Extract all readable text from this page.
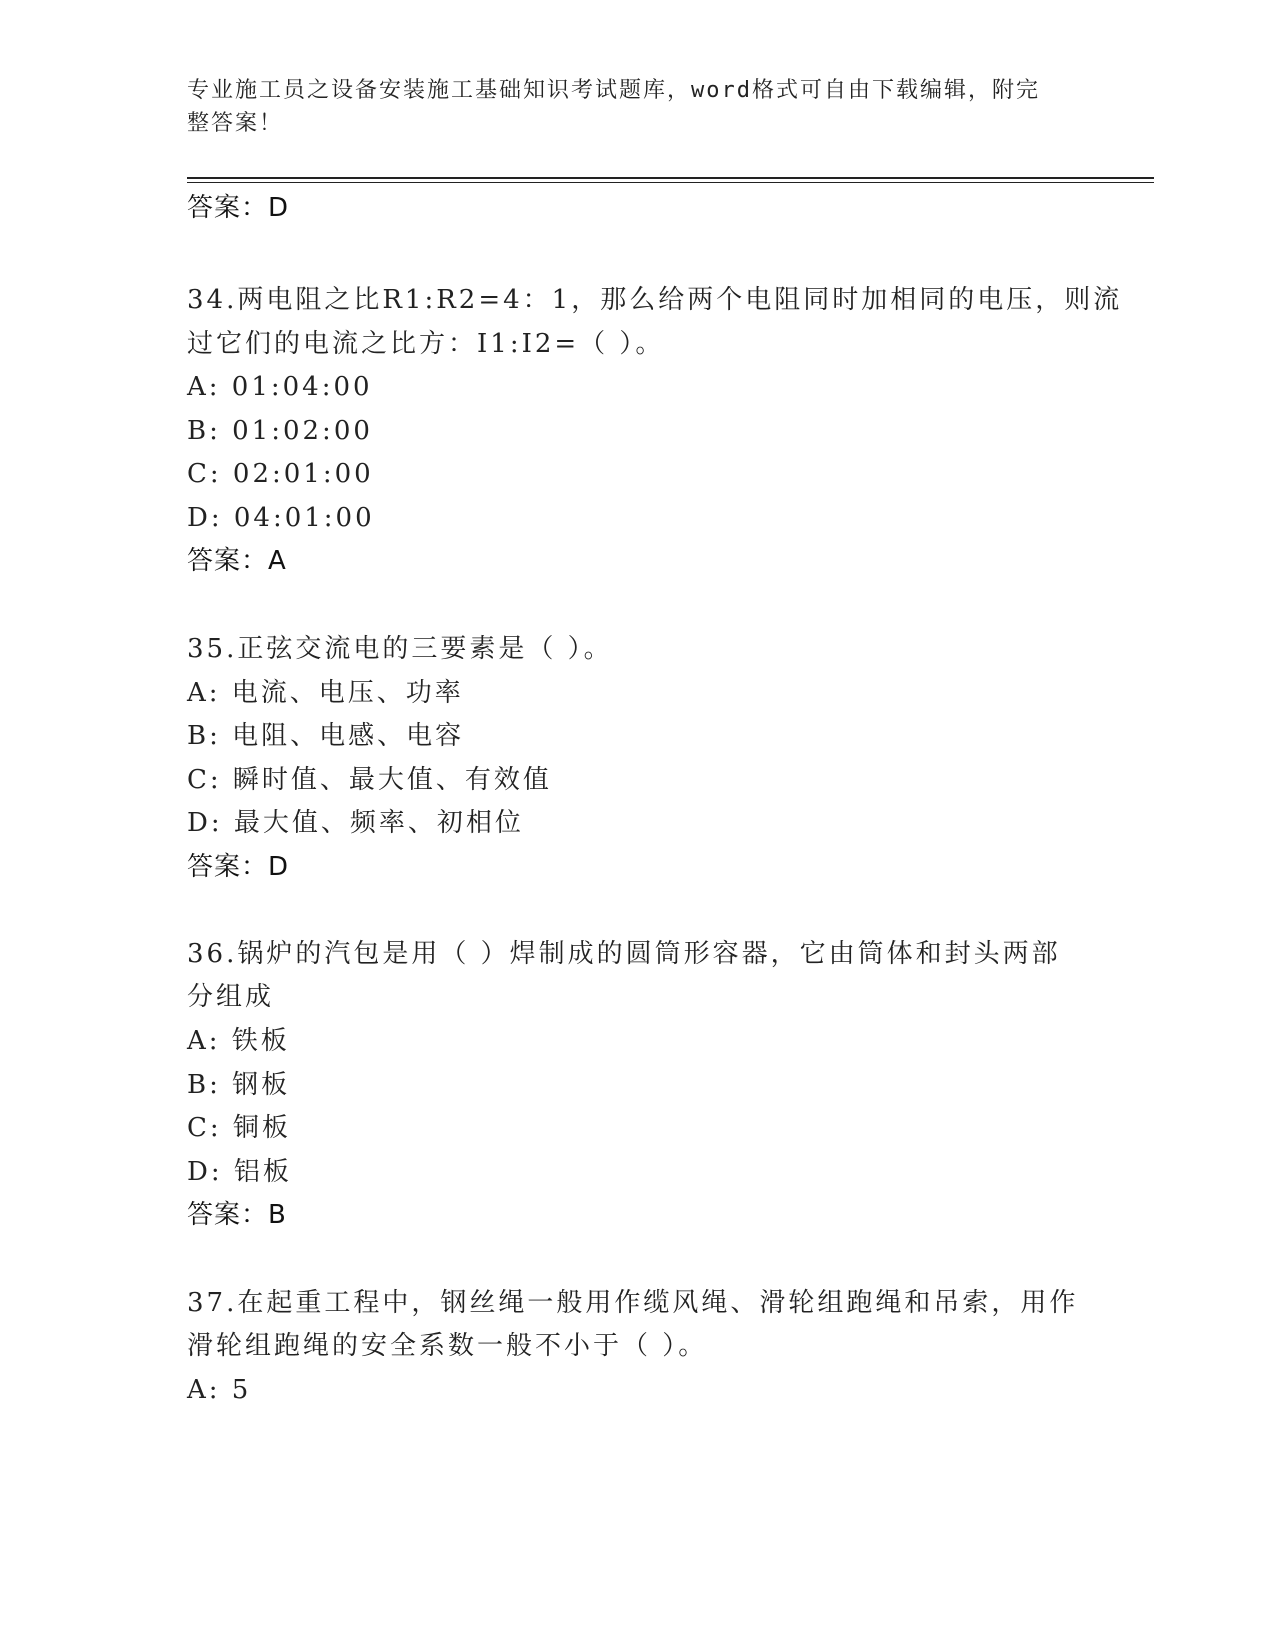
专业施工员之设备安装施工基础知识考试题库，word格式可自由下载编辑，附完
整答案！
答案：D
34.两电阻之比R1:R2=4：1，那么给两个电阻同时加相同的电压，则流
过它们的电流之比方：I1:I2=（ ）。
A: 01:04:00
B: 01:02:00
C: 02:01:00
D: 04:01:00
答案：A
35.正弦交流电的三要素是（ ）。
A: 电流、电压、功率
B: 电阻、电感、电容
C: 瞬时值、最大值、有效值
D: 最大值、频率、初相位
答案：D
36.锅炉的汽包是用（ ）焊制成的圆筒形容器，它由筒体和封头两部
分组成
A: 铁板
B: 钢板
C: 铜板
D: 铝板
答案：B
37.在起重工程中，钢丝绳一般用作缆风绳、滑轮组跑绳和吊索，用作
滑轮组跑绳的安全系数一般不小于（ ）。
A: 5
